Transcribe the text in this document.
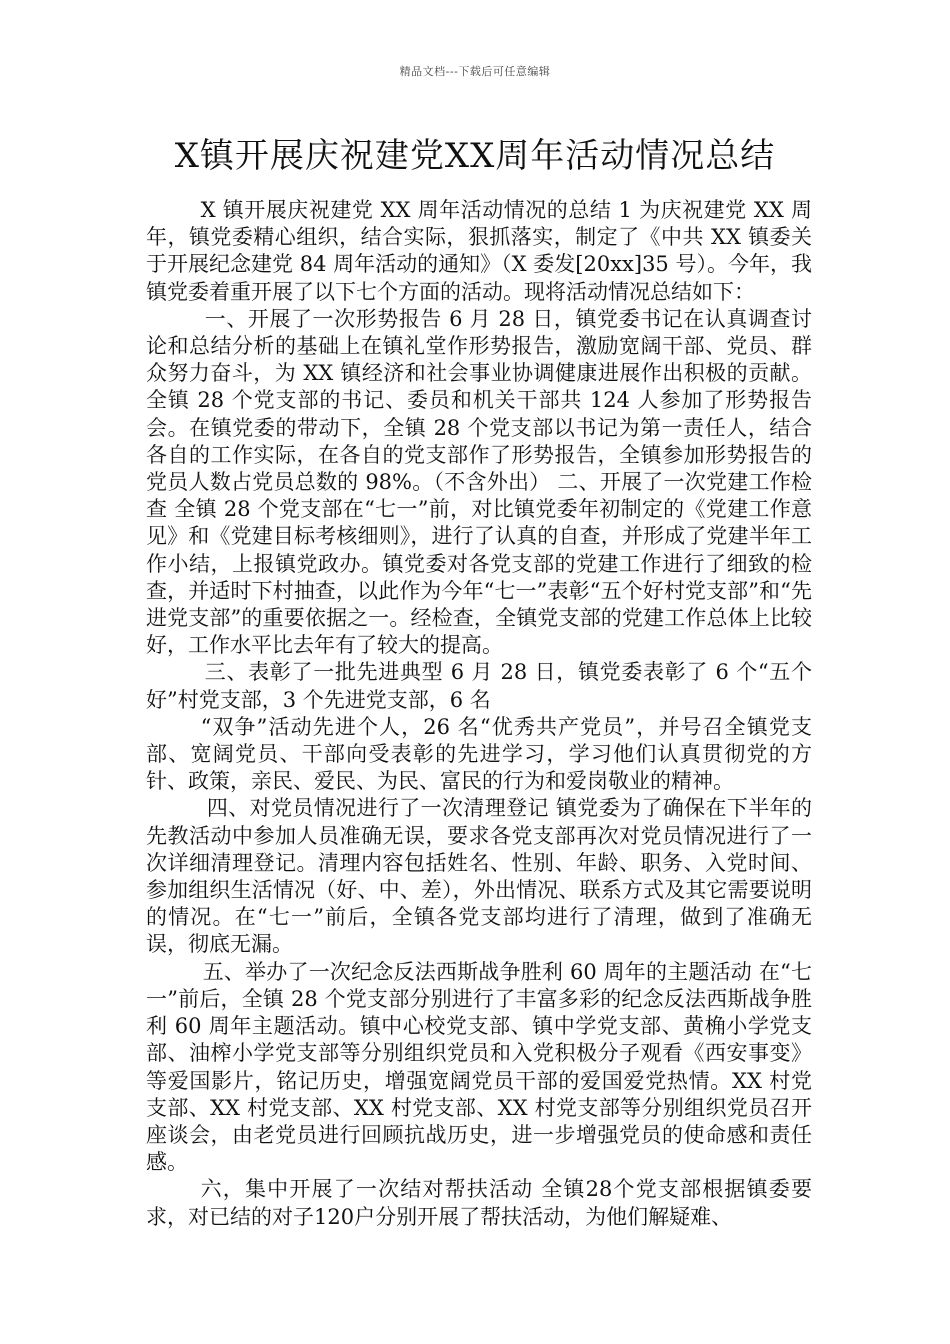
精品文档---下载后可任意编辑
X镇开展庆祝建党XX周年活动情况总结

X 镇开展庆祝建党 XX 周年活动情况的总结 1 为庆祝建党 XX 周年，镇党委精心组织，结合实际，狠抓落实，制定了《中共 XX 镇委关于开展纪念建党 84 周年活动的通知》（X 委发[20xx]35 号）。今年，我镇党委着重开展了以下七个方面的活动。现将活动情况总结如下：

一、开展了一次形势报告 6 月 28 日，镇党委书记在认真调查讨论和总结分析的基础上在镇礼堂作形势报告，激励宽阔干部、党员、群众努力奋斗，为 XX 镇经济和社会事业协调健康进展作出积极的贡献。全镇 28 个党支部的书记、委员和机关干部共 124 人参加了形势报告会。在镇党委的带动下，全镇 28 个党支部以书记为第一责任人，结合各自的工作实际，在各自的党支部作了形势报告，全镇参加形势报告的党员人数占党员总数的 98%。（不含外出） 二、开展了一次党建工作检查 全镇 28 个党支部在“七一”前，对比镇党委年初制定的《党建工作意见》和《党建目标考核细则》，进行了认真的自查，并形成了党建半年工作小结，上报镇党政办。镇党委对各党支部的党建工作进行了细致的检查，并适时下村抽查，以此作为今年“七一”表彰“五个好村党支部”和“先进党支部”的重要依据之一。经检查，全镇党支部的党建工作总体上比较好，工作水平比去年有了较大的提高。

三、表彰了一批先进典型 6 月 28 日，镇党委表彰了 6 个“五个好”村党支部，3 个先进党支部，6 名

“双争”活动先进个人，26 名“优秀共产党员”，并号召全镇党支部、宽阔党员、干部向受表彰的先进学习，学习他们认真贯彻党的方针、政策，亲民、爱民、为民、富民的行为和爱岗敬业的精神。

四、对党员情况进行了一次清理登记 镇党委为了确保在下半年的先教活动中参加人员准确无误，要求各党支部再次对党员情况进行了一次详细清理登记。清理内容包括姓名、性别、年龄、职务、入党时间、参加组织生活情况（好、中、差），外出情况、联系方式及其它需要说明的情况。在“七一”前后，全镇各党支部均进行了清理，做到了准确无误，彻底无漏。

五、举办了一次纪念反法西斯战争胜利 60 周年的主题活动 在“七一”前后，全镇 28 个党支部分别进行了丰富多彩的纪念反法西斯战争胜利 60 周年主题活动。镇中心校党支部、镇中学党支部、黄桷小学党支部、油榨小学党支部等分别组织党员和入党积极分子观看《西安事变》等爱国影片，铭记历史，增强宽阔党员干部的爱国爱党热情。XX 村党支部、XX 村党支部、XX 村党支部、XX 村党支部等分别组织党员召开座谈会，由老党员进行回顾抗战历史，进一步增强党员的使命感和责任感。

六，集中开展了一次结对帮扶活动 全镇28个党支部根据镇委要求，对已结的对子120户分别开展了帮扶活动，为他们解疑难、
